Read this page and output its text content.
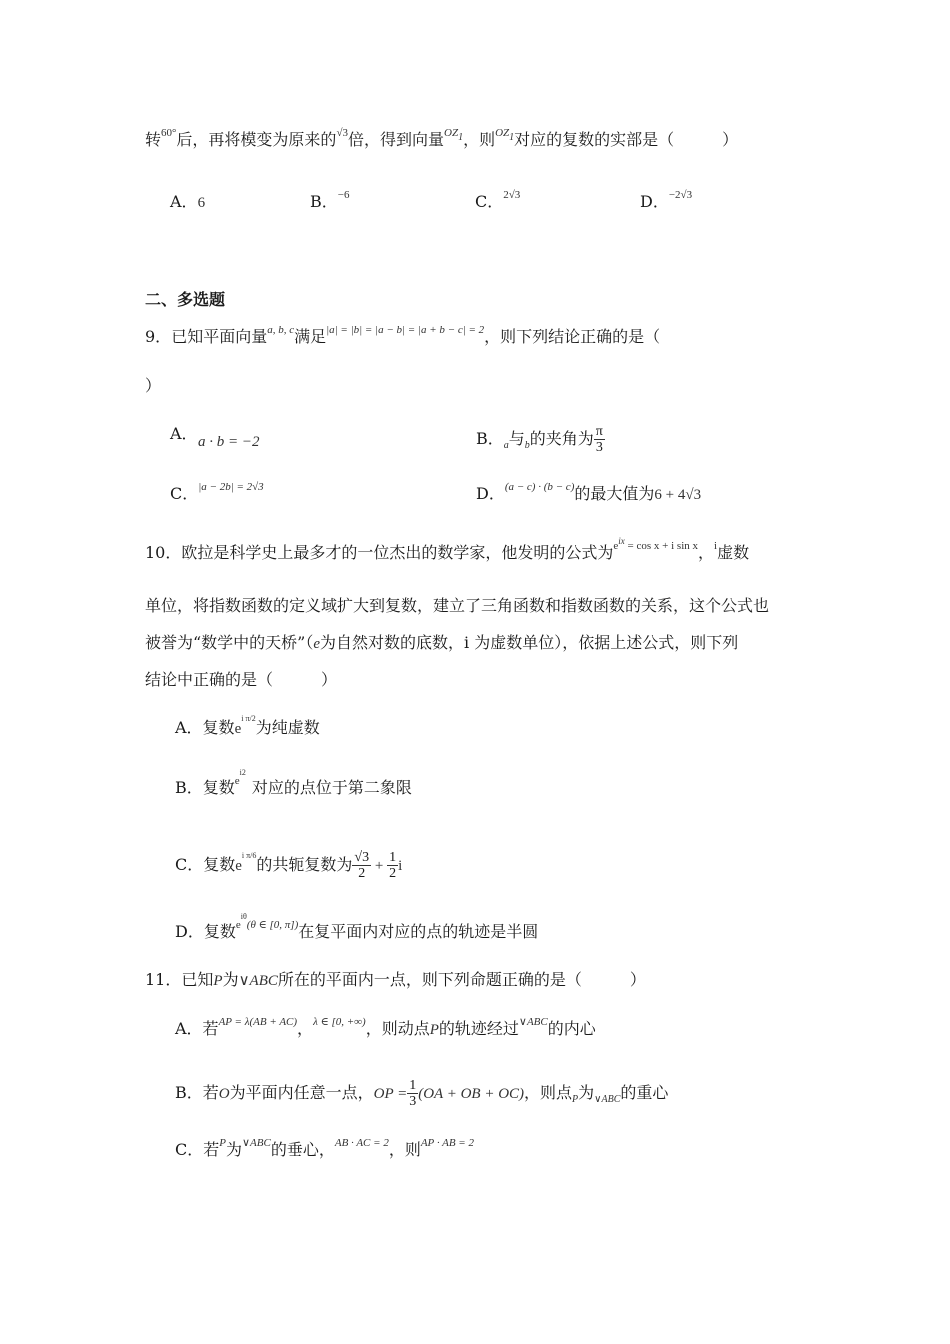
转$^{60^\circ}$后，再将模变为原来的$^{√3}$倍，得到向量$^{OZ1}$，则$^{OZ1}$对应的复数的实部是（　　　）
A．6	B．$^{-6}$	C．$^{2√3}$	D．$^{-2√3}$
二、多选题
9．已知平面向量$^{a, b, c}$满足$^{|a| = |b| = |a - b| = |a + b - c| = 2}$，则下列结论正确的是（
）
A． a · b = −2	B．$_a$与$_b$的夹角为 $\frac{\pi}{3}$
C．$^{|a - 2b| = 2√3}$	D．$^{(a - c) \cdot (b - c)}$的最大值为6 + 4√3
10．欧拉是科学史上最多才的一位杰出的数学家，他发明的公式为$^{e^{ix} = cos x + i sin x}$，$^i$虚数
单位，将指数函数的定义域扩大到复数，建立了三角函数和指数函数的关系，这个公式也
被誉为“数学中的天桥”（e为自然对数的底数，i 为虚数单位），依据上述公式，则下列
结论中正确的是（　　　）
A．复数$e^{i \pi/2}$为纯虚数
B．复数$^{ei2}$对应的点位于第二象限
C．复数$e^{i \pi/6}$的共轭复数为 $\frac{√3}{2} + \frac{1}{2}$ i
D．复数$^{ei\theta(\theta \in [0, \pi])}$在复平面内对应的点的轨迹是半圆
11．已知P为∨ABC所在的平面内一点，则下列命题正确的是（　　　）
A．若$^{AP = \lambda(AB + AC)}$，$^{\lambda \in [0, +\infty)}$，则动点P的轨迹经过$^{\vee ABC}$的内心
B．若O为平面内任意一点，OP = $\frac{1}{3} (OA$ + OB + OC)，则点$_P$为$_{\vee ABC}$的重心
C．若$^P$为$^{\vee ABC}$的垂心，$^{AB \cdot AC = 2}$，则$^{AP \cdot AB = 2}$
